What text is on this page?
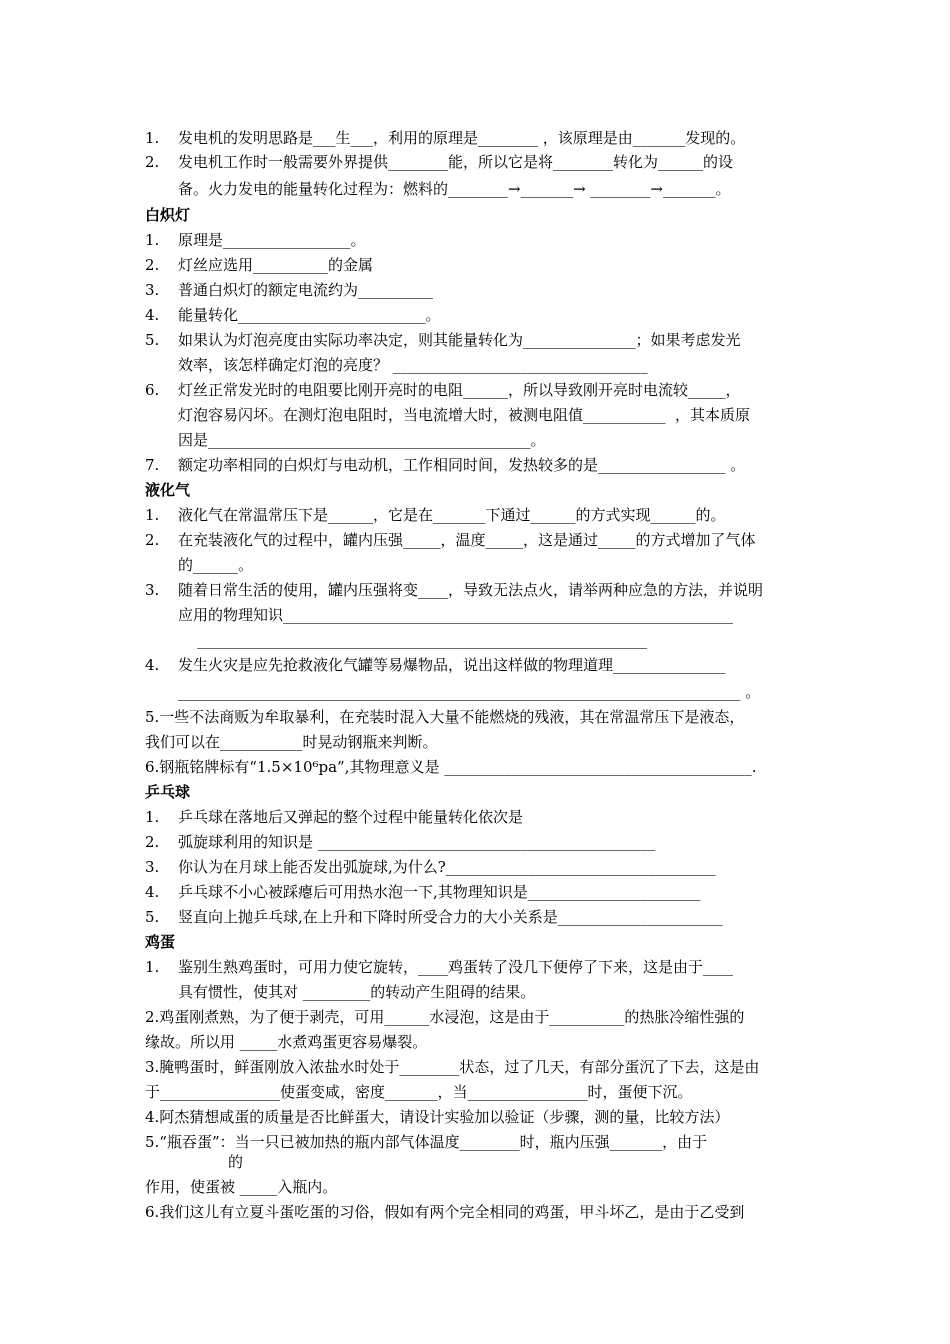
1. 发电机的发明思路是___生___，利用的原理是________ ，该原理是由_______发现的。
2. 发电机工作时一般需要外界提供________能，所以它是将________转化为______的设
备。火力发电的能量转化过程为：燃料的________→_______→ ________→_______。
白炽灯
1. 原理是_________________。
2. 灯丝应选用__________的金属
3. 普通白炽灯的额定电流约为__________
4. 能量转化_________________________。
5. 如果认为灯泡亮度由实际功率决定，则其能量转化为_______________；如果考虑发光
效率，该怎样确定灯泡的亮度？ __________________________________
6. 灯丝正常发光时的电阻要比刚开亮时的电阻______，所以导致刚开亮时电流较_____，
灯泡容易闪坏。在测灯泡电阻时，当电流增大时，被测电阻值___________  ，其本质原
因是___________________________________________。
7. 额定功率相同的白炽灯与电动机，工作相同时间，发热较多的是_________________ 。
液化气
1. 液化气在常温常压下是______，它是在_______下通过______的方式实现______的。
2. 在充装液化气的过程中，罐内压强_____，温度_____，这是通过_____的方式增加了气体
的______。
3. 随着日常生活的使用，罐内压强将变____，导致无法点火，请举两种应急的方法，并说明
应用的物理知识____________________________________________________________
____________________________________________________________
4. 发生火灾是应先抢救液化气罐等易爆物品，说出这样做的物理道理_______________
___________________________________________________________________________ 。
5.一些不法商贩为牟取暴利，在充装时混入大量不能燃烧的残液，其在常温常压下是液态，
我们可以在___________时晃动钢瓶来判断。
6.钢瓶铭牌标有“1.5×10⁶pa”,其物理意义是 _________________________________________.
乒乓球
1. 乒乓球在落地后又弹起的整个过程中能量转化依次是
2. 弧旋球利用的知识是 _____________________________________________
3. 你认为在月球上能否发出弧旋球,为什么?____________________________________
4. 乒乓球不小心被踩瘪后可用热水泡一下,其物理知识是_______________________
5. 竖直向上抛乒乓球,在上升和下降时所受合力的大小关系是______________________
鸡蛋
1. 鉴别生熟鸡蛋时，可用力使它旋转，____鸡蛋转了没几下便停了下来，这是由于____
具有惯性，使其对 _________的转动产生阻碍的结果。
2.鸡蛋刚煮熟，为了便于剥壳，可用______水浸泡，这是由于__________的热胀冷缩性强的
缘故。所以用 _____水煮鸡蛋更容易爆裂。
3.腌鸭蛋时，鲜蛋刚放入浓盐水时处于________状态，过了几天，有部分蛋沉了下去，这是由
于________________使蛋变咸，密度_______，当________________时，蛋便下沉。
4.阿杰猜想咸蛋的质量是否比鲜蛋大，请设计实验加以验证（步骤，测的量，比较方法）
5.“瓶吞蛋”：当一只已被加热的瓶内部气体温度________时，瓶内压强_______，由于
的
作用，使蛋被 _____入瓶内。
6.我们这儿有立夏斗蛋吃蛋的习俗，假如有两个完全相同的鸡蛋，甲斗坏乙，是由于乙受到
